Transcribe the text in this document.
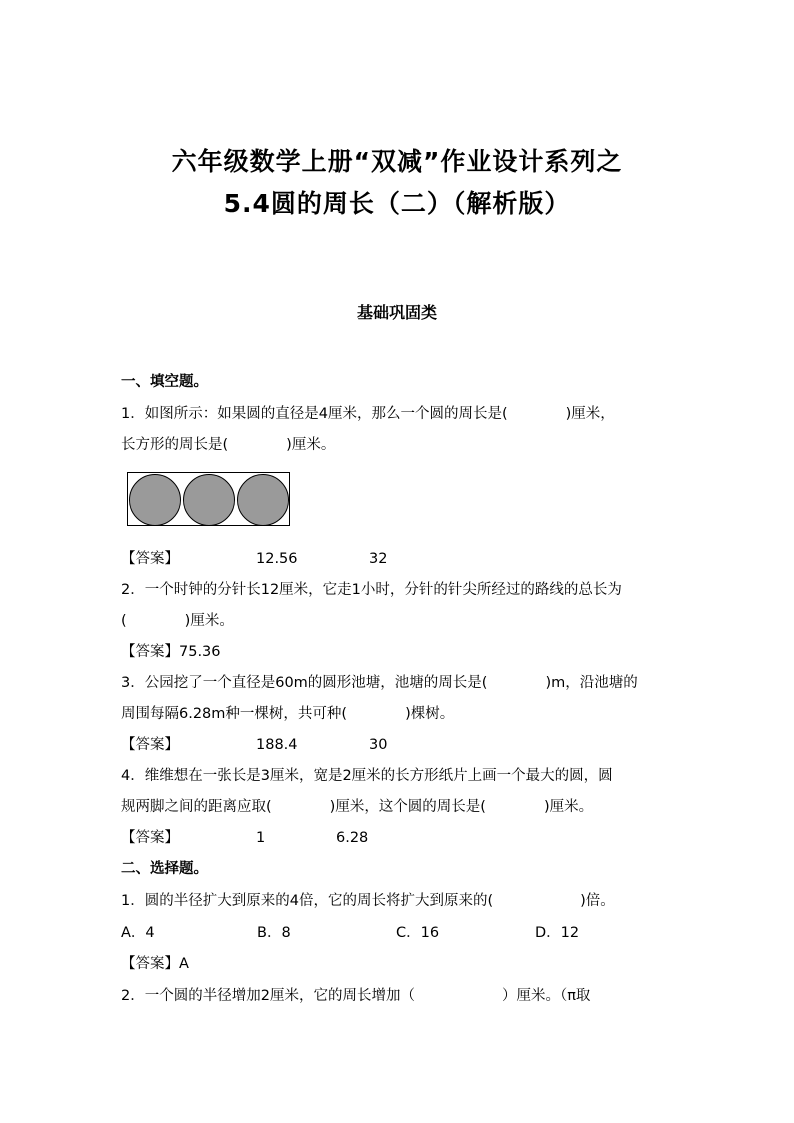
六年级数学上册“双减”作业设计系列之
5.4圆的周长（二）（解析版）
基础巩固类
一、填空题。
1．如图所示：如果圆的直径是4厘米，那么一个圆的周长是(　　　　)厘米，
长方形的周长是(　　　　)厘米。
【答案】	12.56	32
2．一个时钟的分针长12厘米，它走1小时，分针的针尖所经过的路线的总长为
(　　　　)厘米。
【答案】75.36
3．公园挖了一个直径是60m的圆形池塘，池塘的周长是(　　　　)m，沿池塘的
周围每隔6.28m种一棵树，共可种(　　　　)棵树。
【答案】	188.4	30
4．维维想在一张长是3厘米，宽是2厘米的长方形纸片上画一个最大的圆，圆
规两脚之间的距离应取(　　　　)厘米，这个圆的周长是(　　　　)厘米。
【答案】	1	6.28
二、选择题。
1．圆的半径扩大到原来的4倍，它的周长将扩大到原来的(　　　　　　)倍。
A．4	B．8	C．16	D．12
【答案】A
2．一个圆的半径增加2厘米，它的周长增加（　　　　　　）厘米。（π取
